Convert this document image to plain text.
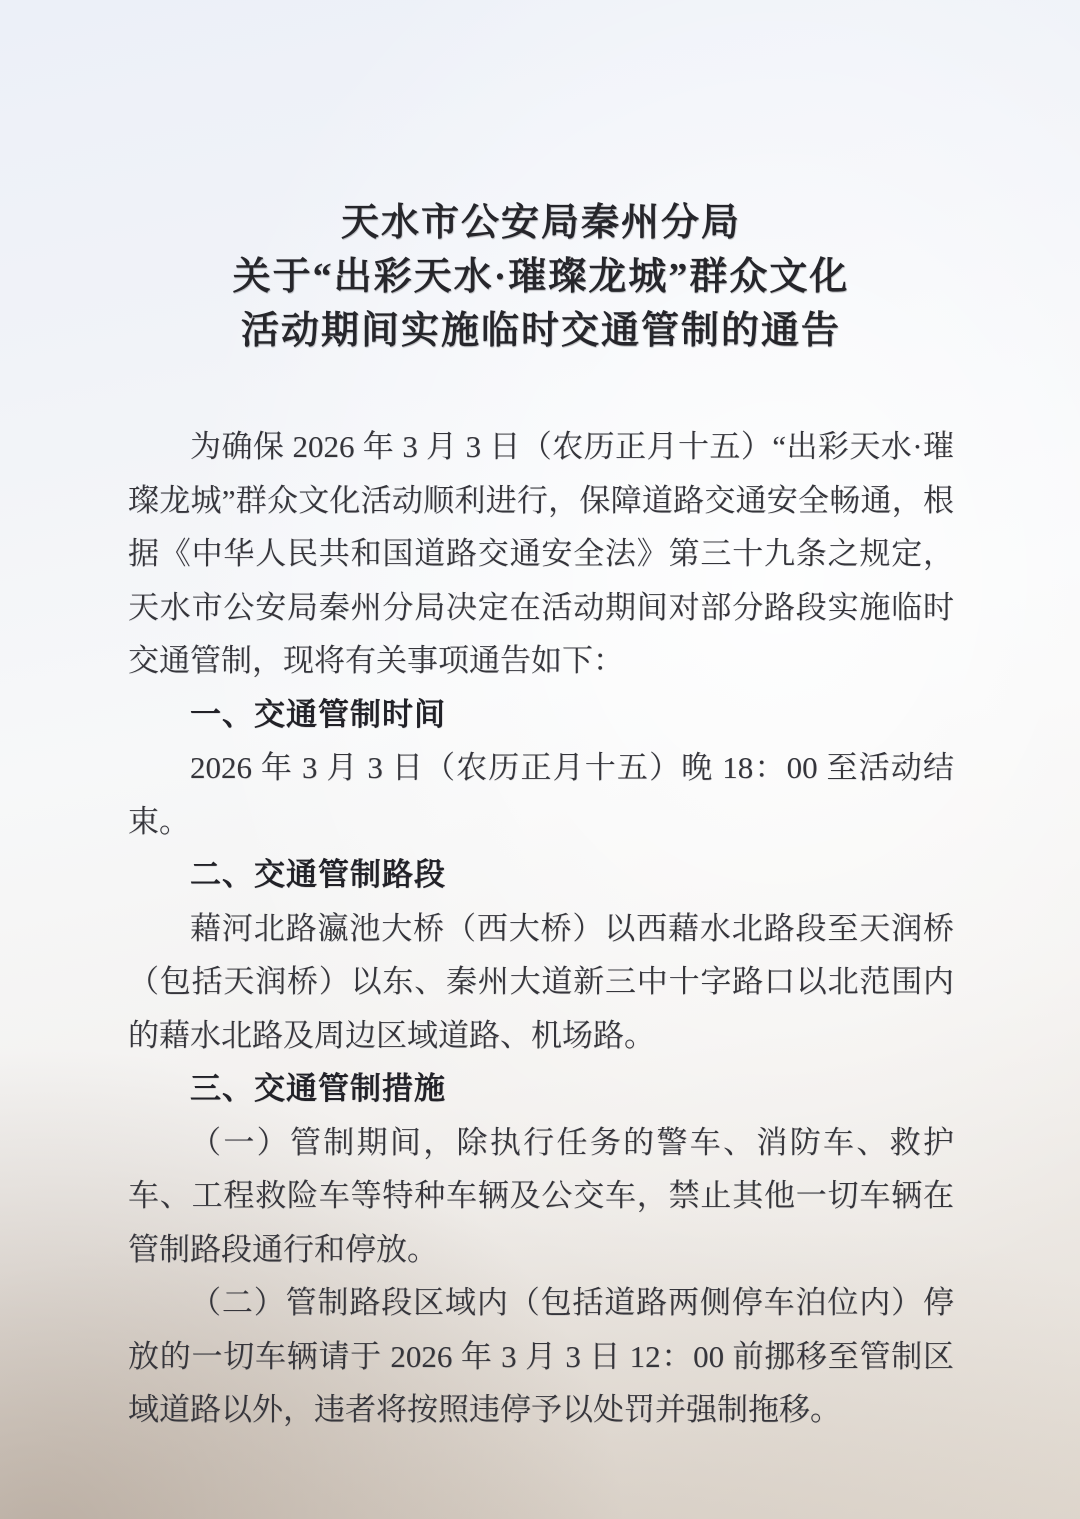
天水市公安局秦州分局
关于“出彩天水·璀璨龙城”群众文化
活动期间实施临时交通管制的通告

为确保 2026 年 3 月 3 日（农历正月十五）“出彩天水·璀璨龙城”群众文化活动顺利进行，保障道路交通安全畅通，根据《中华人民共和国道路交通安全法》第三十九条之规定，天水市公安局秦州分局决定在活动期间对部分路段实施临时交通管制，现将有关事项通告如下：

一、交通管制时间

2026 年 3 月 3 日（农历正月十五）晚 18：00 至活动结束。

二、交通管制路段

藉河北路瀛池大桥（西大桥）以西藉水北路段至天润桥（包括天润桥）以东、秦州大道新三中十字路口以北范围内的藉水北路及周边区域道路、机场路。

三、交通管制措施

（一）管制期间，除执行任务的警车、消防车、救护车、工程救险车等特种车辆及公交车，禁止其他一切车辆在管制路段通行和停放。

（二）管制路段区域内（包括道路两侧停车泊位内）停放的一切车辆请于 2026 年 3 月 3 日 12：00 前挪移至管制区域道路以外，违者将按照违停予以处罚并强制拖移。
